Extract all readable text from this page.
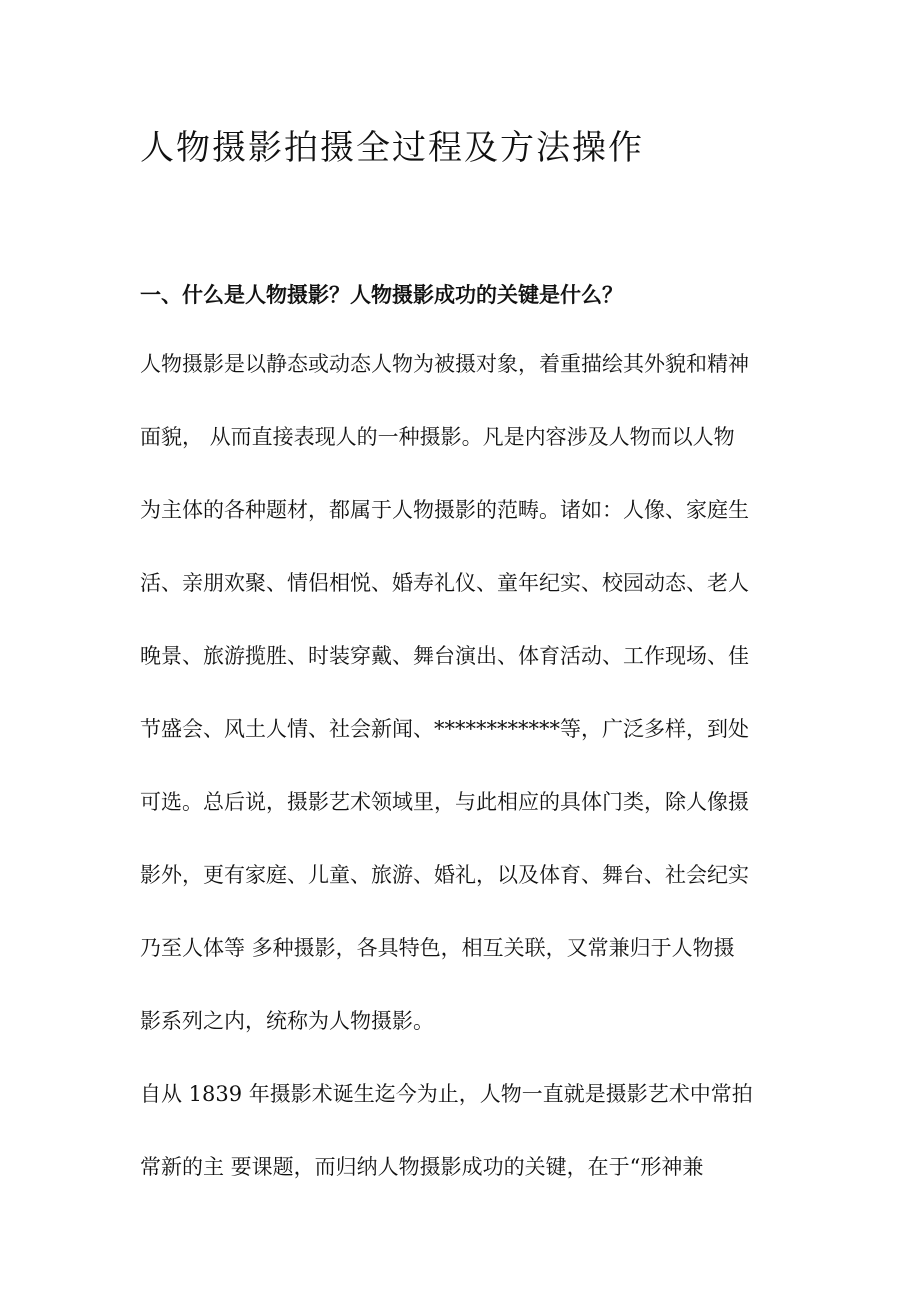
人物摄影拍摄全过程及方法操作
一、什么是人物摄影？人物摄影成功的关键是什么？

人物摄影是以静态或动态人物为被摄对象，着重描绘其外貌和精神

面貌， 从而直接表现人的一种摄影。凡是内容涉及人物而以人物

为主体的各种题材，都属于人物摄影的范畴。诸如：人像、家庭生

活、亲朋欢聚、情侣相悦、婚寿礼仪、童年纪实、校园动态、老人

晚景、旅游揽胜、时装穿戴、舞台演出、体育活动、工作现场、佳

节盛会、风土人情、社会新闻、************等，广泛多样，到处

可选。总后说，摄影艺术领域里，与此相应的具体门类，除人像摄

影外，更有家庭、儿童、旅游、婚礼，以及体育、舞台、社会纪实

乃至人体等 多种摄影，各具特色，相互关联，又常兼归于人物摄

影系列之内，统称为人物摄影。

自从 1839 年摄影术诞生迄今为止，人物一直就是摄影艺术中常拍

常新的主 要课题，而归纳人物摄影成功的关键，在于“形神兼
